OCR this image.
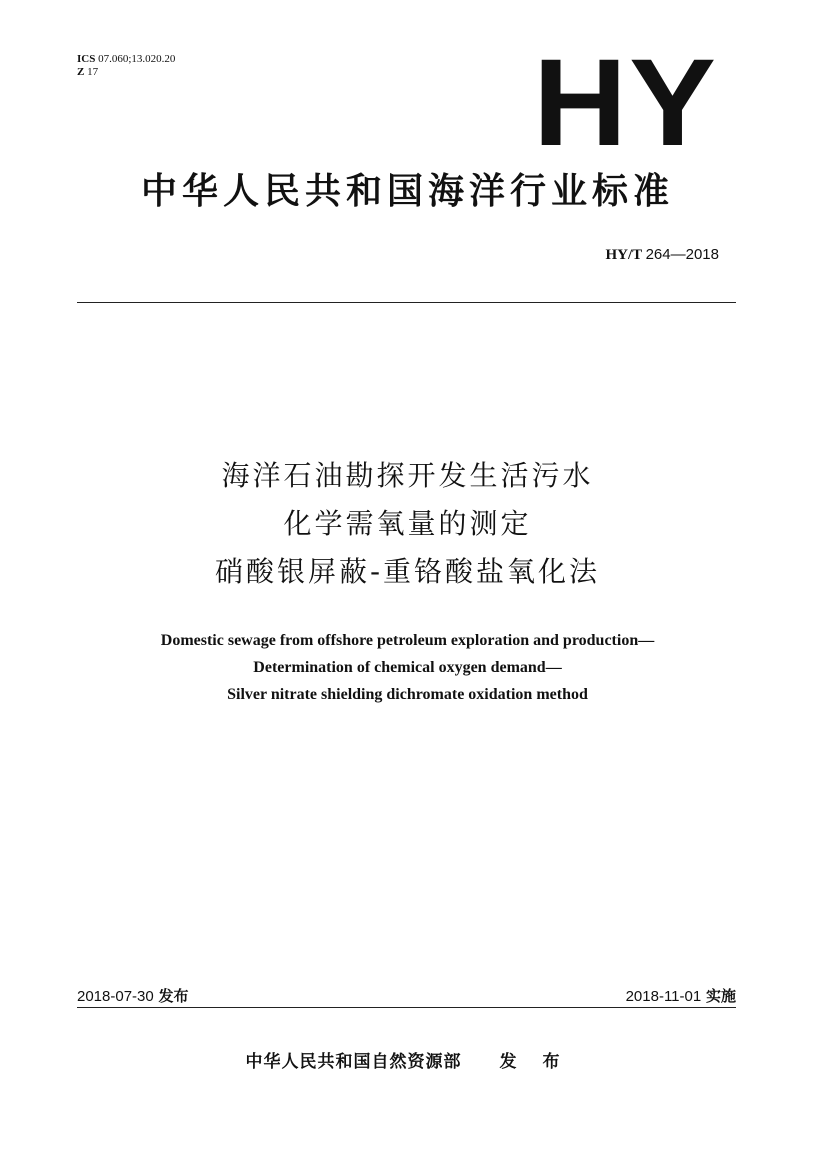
ICS 07.060;13.020.20
Z 17	HY
中华人民共和国海洋行业标准
HY/T 264—2018
海洋石油勘探开发生活污水
化学需氧量的测定
硝酸银屏蔽-重铬酸盐氧化法
Domestic sewage from offshore petroleum exploration and production—
Determination of chemical oxygen demand—
Silver nitrate shielding dichromate oxidation method
2018-07-30 发布	2018-11-01 实施
中华人民共和国自然资源部 发 布
